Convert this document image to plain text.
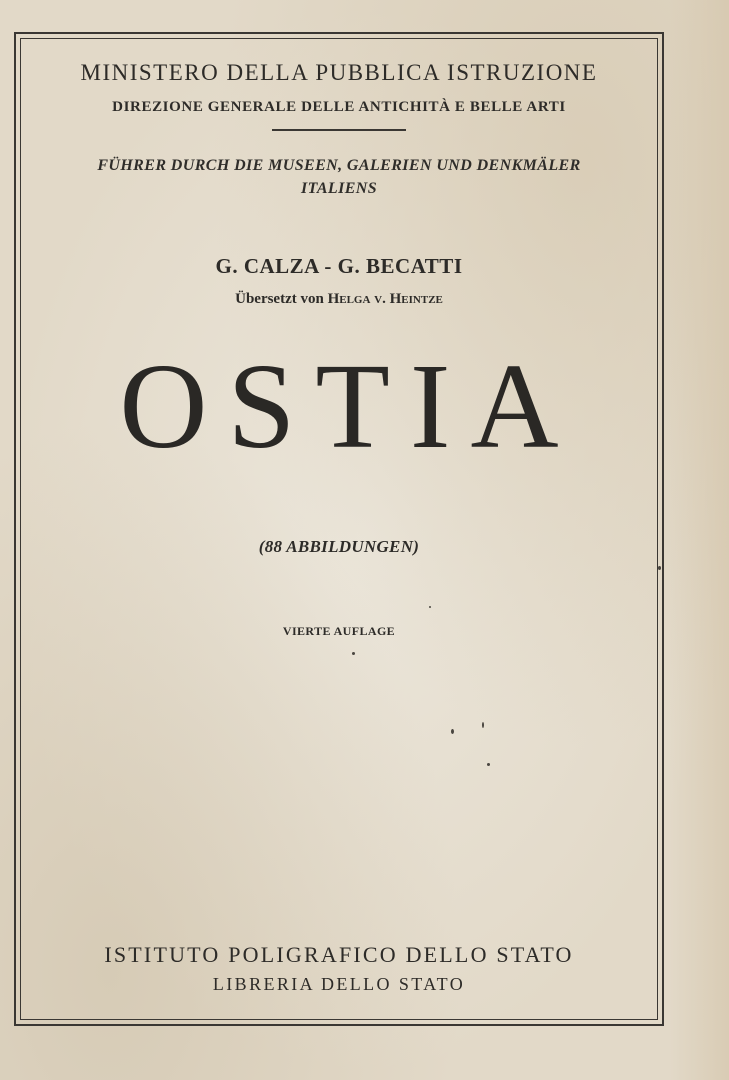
MINISTERO DELLA PUBBLICA ISTRUZIONE
DIREZIONE GENERALE DELLE ANTICHITÀ E BELLE ARTI
FÜHRER DURCH DIE MUSEEN, GALERIEN UND DENKMÄLER
ITALIENS
G. CALZA - G. BECATTI
Übersetzt von Helga v. Heintze
OSTIA
(88 ABBILDUNGEN)
VIERTE AUFLAGE
ISTITUTO POLIGRAFICO DELLO STATO
LIBRERIA DELLO STATO
